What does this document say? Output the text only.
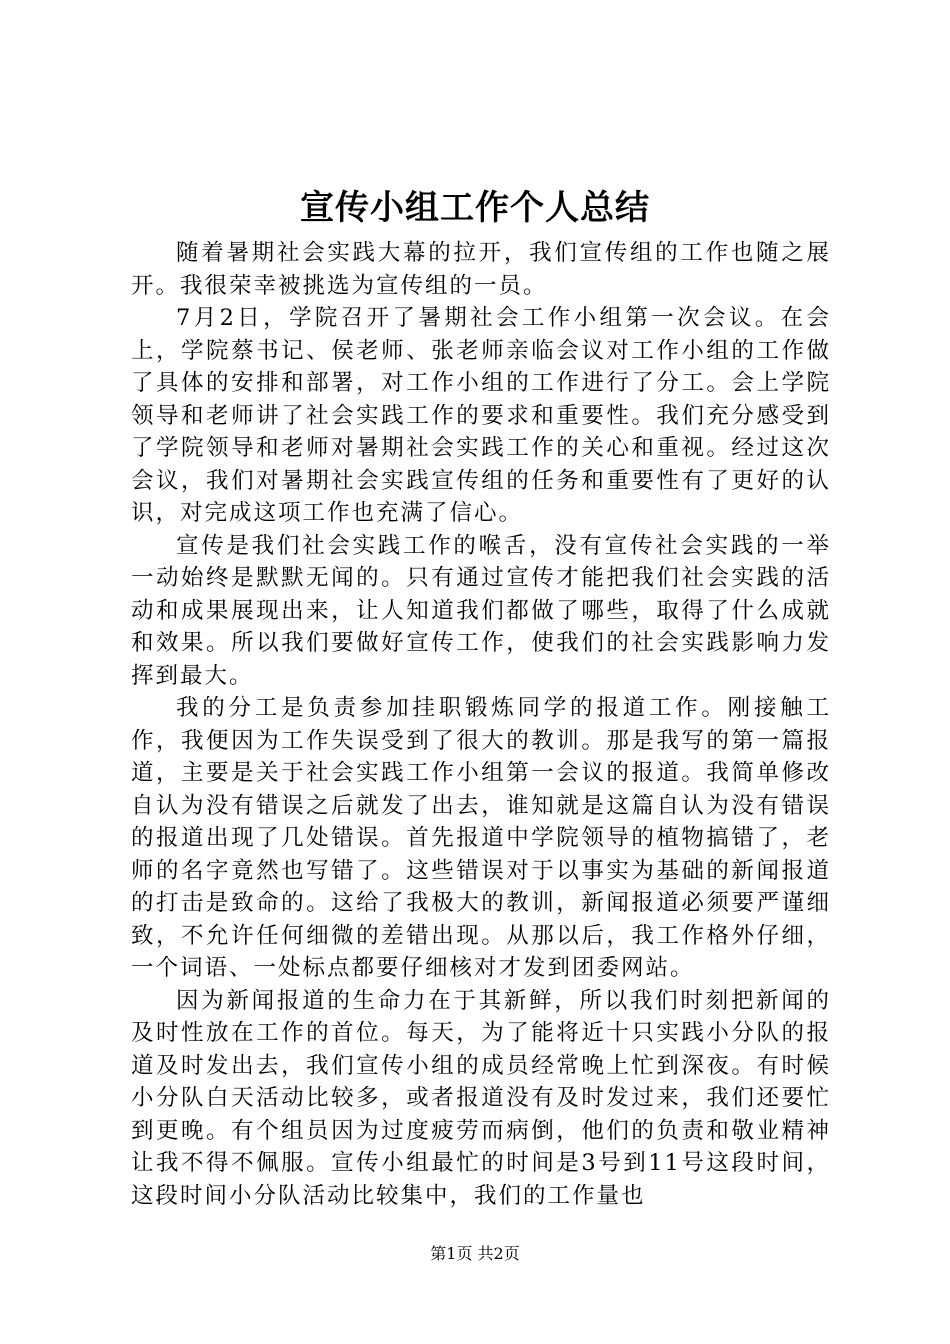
宣传小组工作个人总结

随着暑期社会实践大幕的拉开，我们宣传组的工作也随之展开。我很荣幸被挑选为宣传组的一员。

7月2日，学院召开了暑期社会工作小组第一次会议。在会上，学院蔡书记、侯老师、张老师亲临会议对工作小组的工作做了具体的安排和部署，对工作小组的工作进行了分工。会上学院领导和老师讲了社会实践工作的要求和重要性。我们充分感受到了学院领导和老师对暑期社会实践工作的关心和重视。经过这次会议，我们对暑期社会实践宣传组的任务和重要性有了更好的认识，对完成这项工作也充满了信心。

宣传是我们社会实践工作的喉舌，没有宣传社会实践的一举一动始终是默默无闻的。只有通过宣传才能把我们社会实践的活动和成果展现出来，让人知道我们都做了哪些，取得了什么成就和效果。所以我们要做好宣传工作，使我们的社会实践影响力发挥到最大。

我的分工是负责参加挂职锻炼同学的报道工作。刚接触工作，我便因为工作失误受到了很大的教训。那是我写的第一篇报道，主要是关于社会实践工作小组第一会议的报道。我简单修改自认为没有错误之后就发了出去，谁知就是这篇自认为没有错误的报道出现了几处错误。首先报道中学院领导的植物搞错了，老师的名字竟然也写错了。这些错误对于以事实为基础的新闻报道的打击是致命的。这给了我极大的教训，新闻报道必须要严谨细致，不允许任何细微的差错出现。从那以后，我工作格外仔细，一个词语、一处标点都要仔细核对才发到团委网站。

因为新闻报道的生命力在于其新鲜，所以我们时刻把新闻的及时性放在工作的首位。每天，为了能将近十只实践小分队的报道及时发出去，我们宣传小组的成员经常晚上忙到深夜。有时候小分队白天活动比较多，或者报道没有及时发过来，我们还要忙到更晚。有个组员因为过度疲劳而病倒，他们的负责和敬业精神让我不得不佩服。宣传小组最忙的时间是3号到11号这段时间，这段时间小分队活动比较集中，我们的工作量也

第1页 共2页
